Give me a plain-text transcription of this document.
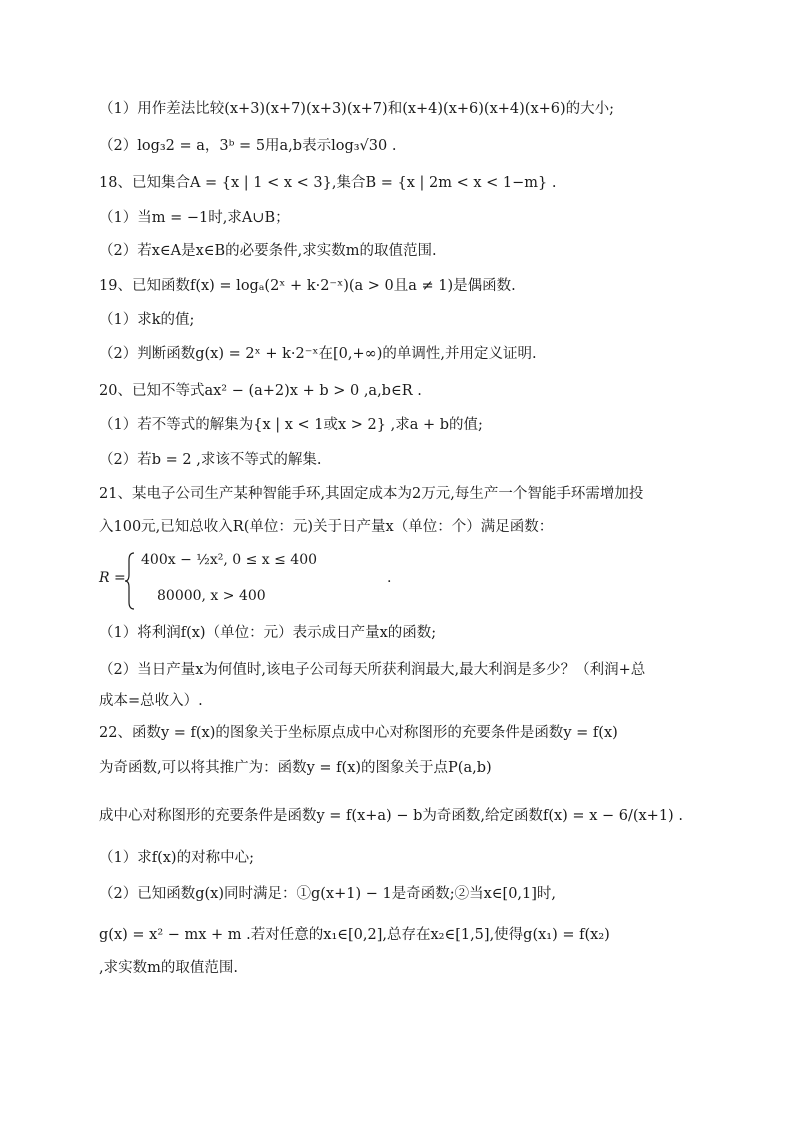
（1）用作差法比较(x+3)(x+7)(x+3)(x+7)和(x+4)(x+6)(x+4)(x+6)的大小;
（2）log₃2 = a，3ᵇ = 5用a,b表示log₃√30 .
18、已知集合A = {x | 1 < x < 3},集合B = {x | 2m < x < 1−m} .
（1）当m = −1时,求A∪B；
（2）若x∈A是x∈B的必要条件,求实数m的取值范围.
19、已知函数f(x) = logₐ(2ˣ + k·2⁻ˣ)(a > 0且a ≠ 1)是偶函数.
（1）求k的值;
（2）判断函数g(x) = 2ˣ + k·2⁻ˣ在[0,+∞)的单调性,并用定义证明.
20、已知不等式ax² − (a+2)x + b > 0 ,a,b∈R .
（1）若不等式的解集为{x | x < 1或x > 2} ,求a + b的值;
（2）若b = 2 ,求该不等式的解集.
21、某电子公司生产某种智能手环,其固定成本为2万元,每生产一个智能手环需增加投
入100元,已知总收入R(单位：元)关于日产量x（单位：个）满足函数：
R =
400x − ½x², 0 ≤ x ≤ 400
80000, x > 400
.
（1）将利润f(x)（单位：元）表示成日产量x的函数;
（2）当日产量x为何值时,该电子公司每天所获利润最大,最大利润是多少？（利润+总
成本=总收入）.
22、函数y = f(x)的图象关于坐标原点成中心对称图形的充要条件是函数y = f(x)
为奇函数,可以将其推广为：函数y = f(x)的图象关于点P(a,b)
成中心对称图形的充要条件是函数y = f(x+a) − b为奇函数,给定函数f(x) = x − 6/(x+1) .
（1）求f(x)的对称中心;
（2）已知函数g(x)同时满足：①g(x+1) − 1是奇函数;②当x∈[0,1]时,
g(x) = x² − mx + m .若对任意的x₁∈[0,2],总存在x₂∈[1,5],使得g(x₁) = f(x₂)
,求实数m的取值范围.
